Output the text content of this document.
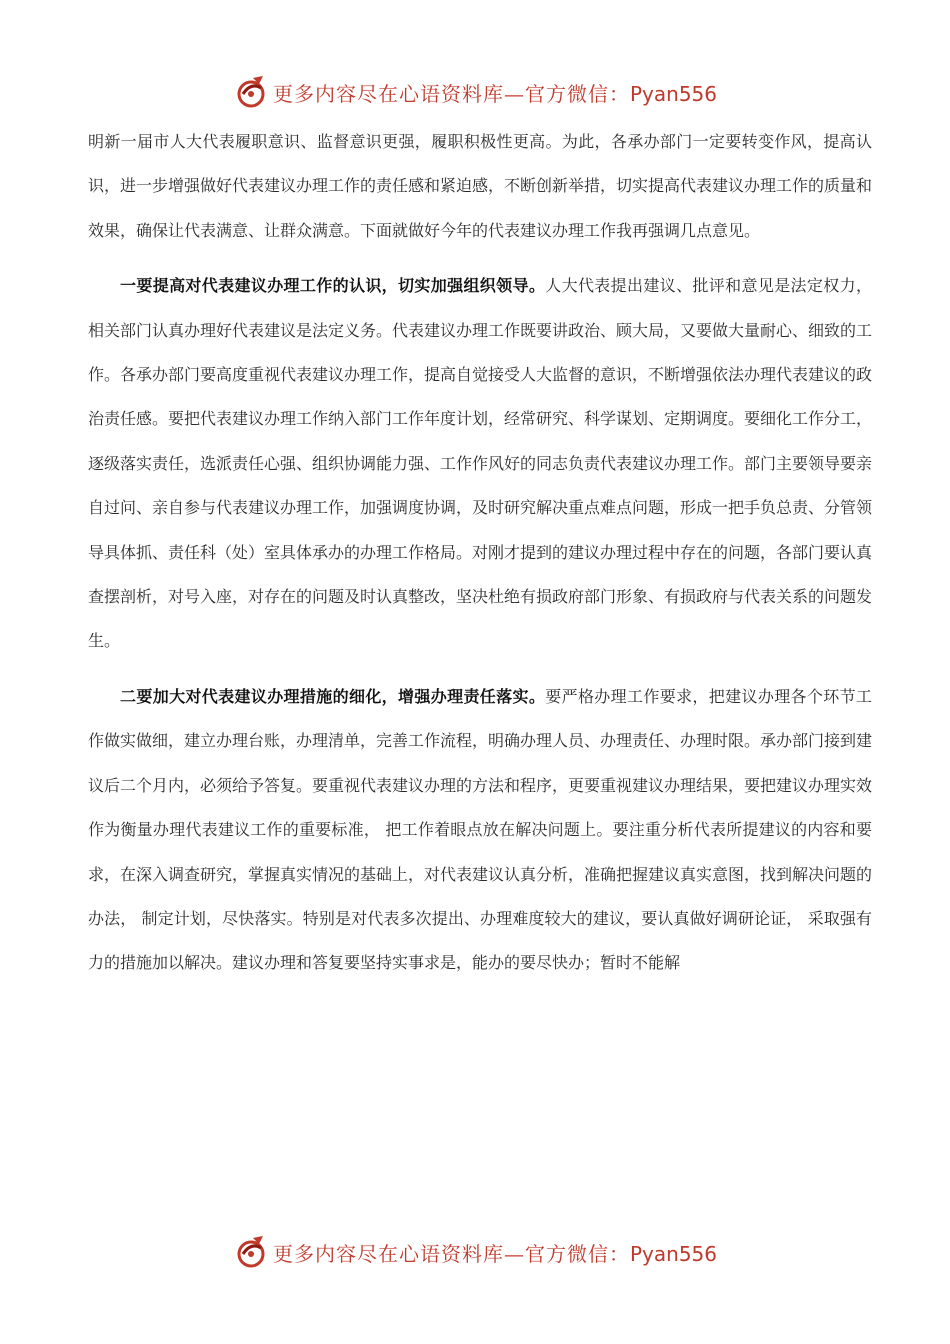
更多内容尽在心语资料库—官方微信：Pyan556

明新一届市人大代表履职意识、监督意识更强，履职积极性更高。为此，各承办部门一定要转变作风，提高认识，进一步增强做好代表建议办理工作的责任感和紧迫感，不断创新举措，切实提高代表建议办理工作的质量和效果，确保让代表满意、让群众满意。下面就做好今年的代表建议办理工作我再强调几点意见。

一要提高对代表建议办理工作的认识，切实加强组织领导。人大代表提出建议、批评和意见是法定权力，相关部门认真办理好代表建议是法定义务。代表建议办理工作既要讲政治、顾大局，又要做大量耐心、细致的工作。各承办部门要高度重视代表建议办理工作，提高自觉接受人大监督的意识，不断增强依法办理代表建议的政治责任感。要把代表建议办理工作纳入部门工作年度计划，经常研究、科学谋划、定期调度。要细化工作分工，逐级落实责任，选派责任心强、组织协调能力强、工作作风好的同志负责代表建议办理工作。部门主要领导要亲自过问、亲自参与代表建议办理工作，加强调度协调，及时研究解决重点难点问题，形成一把手负总责、分管领导具体抓、责任科（处）室具体承办的办理工作格局。对刚才提到的建议办理过程中存在的问题，各部门要认真查摆剖析，对号入座，对存在的问题及时认真整改，坚决杜绝有损政府部门形象、有损政府与代表关系的问题发生。

二要加大对代表建议办理措施的细化，增强办理责任落实。要严格办理工作要求，把建议办理各个环节工作做实做细，建立办理台账，办理清单，完善工作流程，明确办理人员、办理责任、办理时限。承办部门接到建议后二个月内，必须给予答复。要重视代表建议办理的方法和程序，更要重视建议办理结果，要把建议办理实效作为衡量办理代表建议工作的重要标准， 把工作着眼点放在解决问题上。要注重分析代表所提建议的内容和要求，在深入调查研究，掌握真实情况的基础上，对代表建议认真分析，准确把握建议真实意图，找到解决问题的办法， 制定计划，尽快落实。特别是对代表多次提出、办理难度较大的建议，要认真做好调研论证， 采取强有力的措施加以解决。建议办理和答复要坚持实事求是，能办的要尽快办；暂时不能解

更多内容尽在心语资料库—官方微信：Pyan556
